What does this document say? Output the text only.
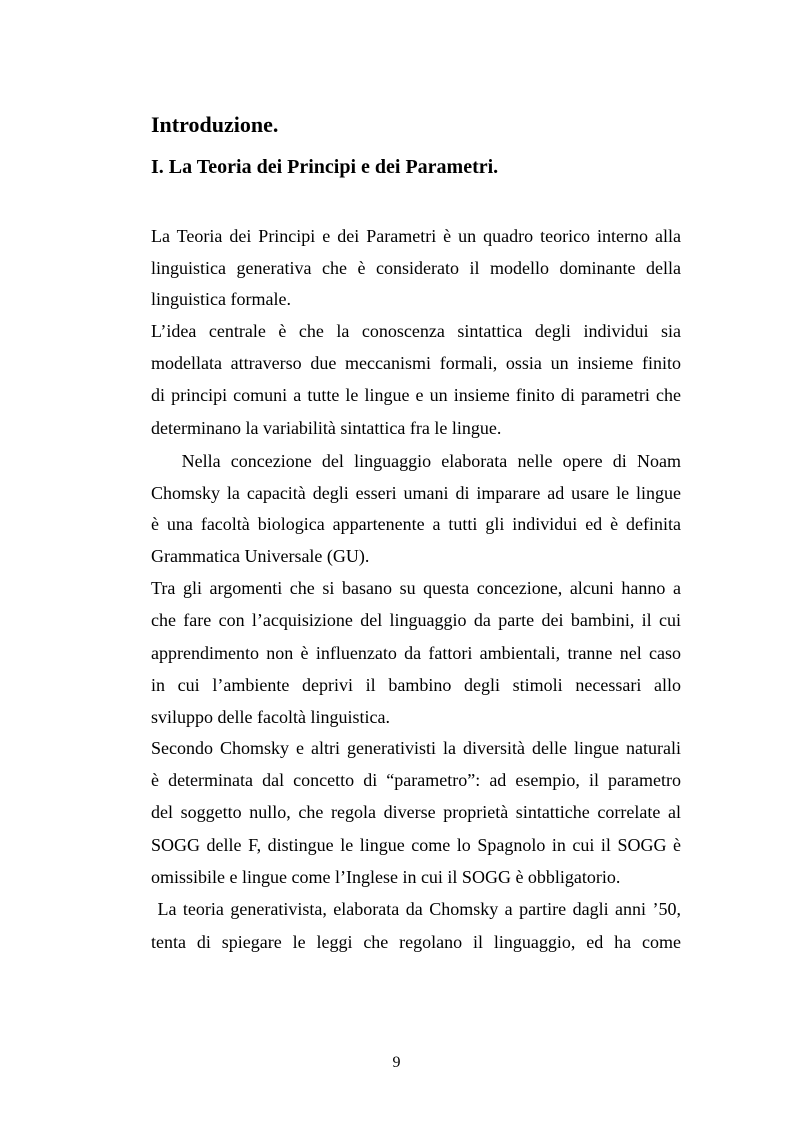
Introduzione.
I. La Teoria dei Principi e dei Parametri.
La Teoria dei Principi e dei Parametri è un quadro teorico interno alla
linguistica generativa che è considerato il modello dominante della
linguistica formale.
L’idea centrale è che la conoscenza sintattica degli individui sia
modellata attraverso due meccanismi formali, ossia un insieme finito
di principi comuni a tutte le lingue e un insieme finito di parametri che
determinano la variabilità sintattica fra le lingue.
Nella concezione del linguaggio elaborata nelle opere di Noam
Chomsky la capacità degli esseri umani di imparare ad usare le lingue
è una facoltà biologica appartenente a tutti gli individui ed è definita
Grammatica Universale (GU).
Tra gli argomenti che si basano su questa concezione, alcuni hanno a
che fare con l’acquisizione del linguaggio da parte dei bambini, il cui
apprendimento non è influenzato da fattori ambientali, tranne nel caso
in cui l’ambiente deprivi il bambino degli stimoli necessari allo
sviluppo delle facoltà linguistica.
Secondo Chomsky e altri generativisti la diversità delle lingue naturali
è determinata dal concetto di “parametro”: ad esempio, il parametro
del soggetto nullo, che regola diverse proprietà sintattiche correlate al
SOGG delle F, distingue le lingue come lo Spagnolo in cui il SOGG è
omissibile e lingue come l’Inglese in cui il SOGG è obbligatorio.
La teoria generativista, elaborata da Chomsky a partire dagli anni ’50,
tenta di spiegare le leggi che regolano il linguaggio, ed ha come
9
